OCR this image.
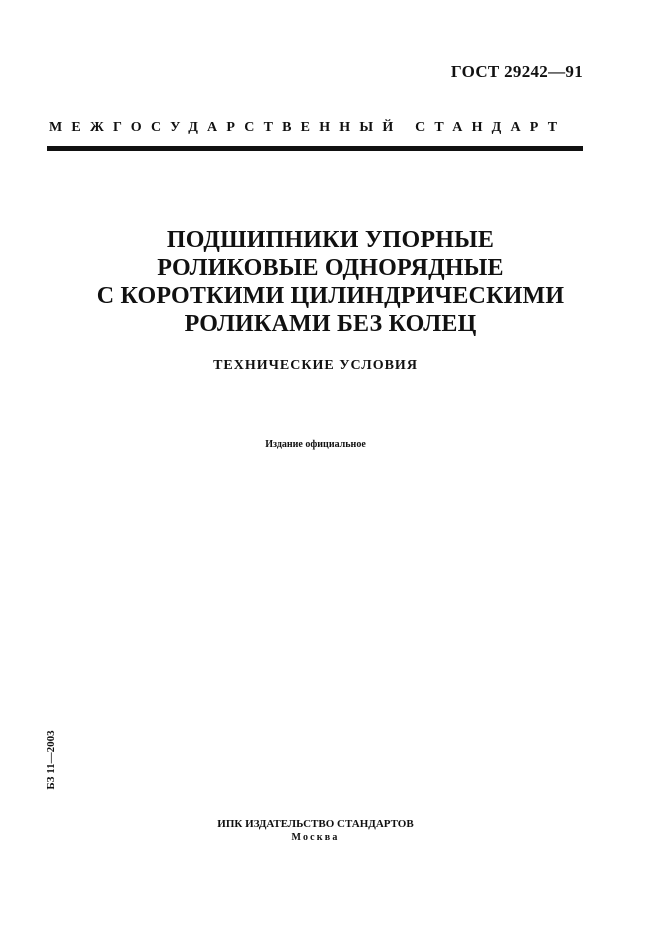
ГОСТ 29242—91
МЕЖГОСУДАРСТВЕННЫЙ СТАНДАРТ
ПОДШИПНИКИ УПОРНЫЕ
РОЛИКОВЫЕ ОДНОРЯДНЫЕ
С КОРОТКИМИ ЦИЛИНДРИЧЕСКИМИ
РОЛИКАМИ БЕЗ КОЛЕЦ
ТЕХНИЧЕСКИЕ УСЛОВИЯ
Издание официальное
БЗ 11—2003
ИПК ИЗДАТЕЛЬСТВО СТАНДАРТОВ
Москва
